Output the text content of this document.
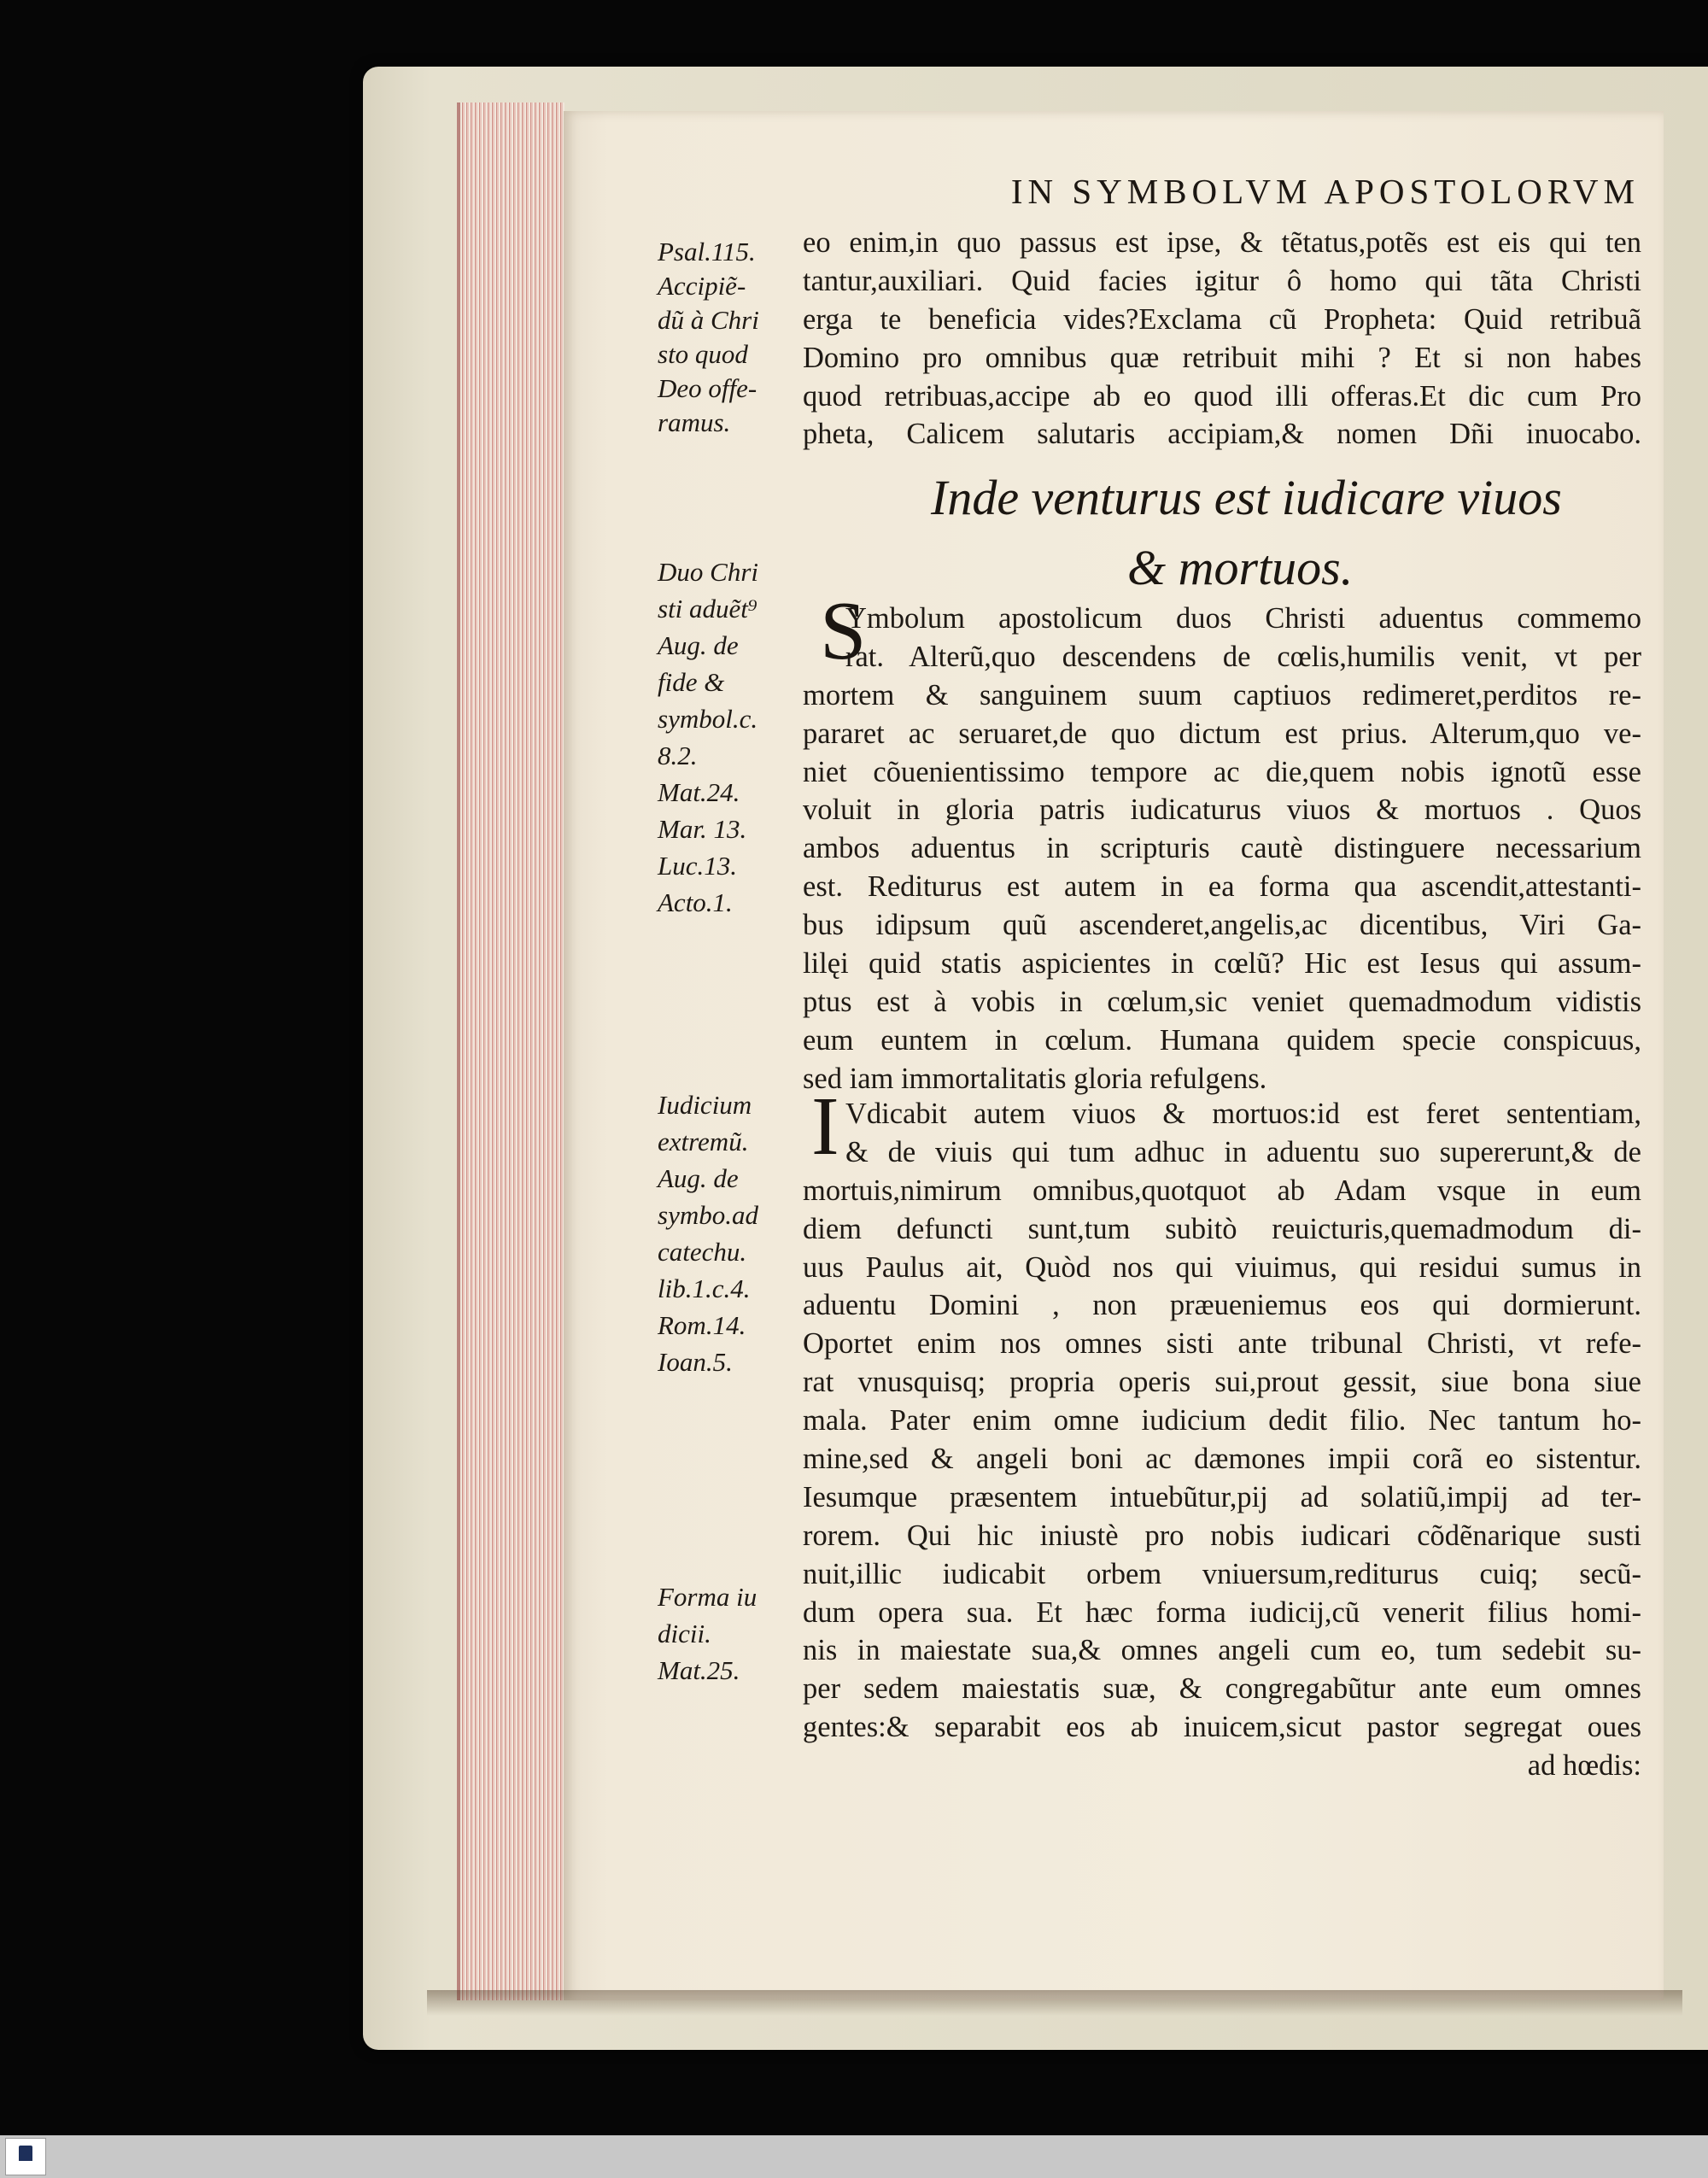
IN SYMBOLVM APOSTOLORVM
eo enim,in quo passus est ipse, & tẽtatus,potẽs est eis qui ten
tantur,auxiliari. Quid facies igitur ô homo qui tãta Christi
erga te beneficia vides?Exclama cũ Propheta: Quid retribuã
Domino pro omnibus quæ retribuit mihi ? Et si non habes
quod retribuas,accipe ab eo quod illi offeras.Et dic cum Pro
pheta, Calicem salutaris accipiam,& nomen Dñi inuocabo.
Inde venturus est iudicare viuos
& mortuos.
S
Ymbolum apostolicum duos Christi aduentus commemo
rat. Alterũ,quo descendens de cœlis,humilis venit, vt per
mortem & sanguinem suum captiuos redimeret,perditos re-
pararet ac seruaret,de quo dictum est prius. Alterum,quo ve-
niet cõuenientissimo tempore ac die,quem nobis ignotũ esse
voluit in gloria patris iudicaturus viuos & mortuos . Quos
ambos aduentus in scripturis cautè distinguere necessarium
est. Rediturus est autem in ea forma qua ascendit,attestanti-
bus idipsum quũ ascenderet,angelis,ac dicentibus, Viri Ga-
lilęi quid statis aspicientes in cœlũ? Hic est Iesus qui assum-
ptus est à vobis in cœlum,sic veniet quemadmodum vidistis
eum euntem in cœlum. Humana quidem specie conspicuus,
sed iam immortalitatis gloria refulgens.
I Vdicabit autem viuos & mortuos:id est feret sententiam,
& de viuis qui tum adhuc in aduentu suo supererunt,& de
mortuis,nimirum omnibus,quotquot ab Adam vsque in eum
diem defuncti sunt,tum subitò reuicturis,quemadmodum di-
uus Paulus ait, Quòd nos qui viuimus, qui residui sumus in
aduentu Domini , non præueniemus eos qui dormierunt.
Oportet enim nos omnes sisti ante tribunal Christi, vt refe-
rat vnusquisq; propria operis sui,prout gessit, siue bona siue
mala. Pater enim omne iudicium dedit filio. Nec tantum ho-
mine,sed & angeli boni ac dæmones impii corã eo sistentur.
Iesumque præsentem intuebũtur,pij ad solatiũ,impij ad ter-
rorem. Qui hic iniustè pro nobis iudicari cõdẽnarique susti
nuit,illic iudicabit orbem vniuersum,rediturus cuiq; secũ-
dum opera sua. Et hæc forma iudicij,cũ venerit filius homi-
nis in maiestate sua,& omnes angeli cum eo, tum sedebit su-
per sedem maiestatis suæ, & congregabũtur ante eum omnes
gentes:& separabit eos ab inuicem,sicut pastor segregat oues
ad hœdis:
Psal.115.
Accipiẽ-
dũ à Chri
sto quod
Deo offe-
ramus.
Duo Chri
sti aduẽt⁹
Aug. de
fide &
symbol.c.
8.2.
Mat.24.
Mar. 13.
Luc.13.
Acto.1.
Iudicium
extremũ.
Aug. de
symbo.ad
catechu.
lib.1.c.4.
Rom.14.
Ioan.5.
Forma iu
dicii.
Mat.25.
